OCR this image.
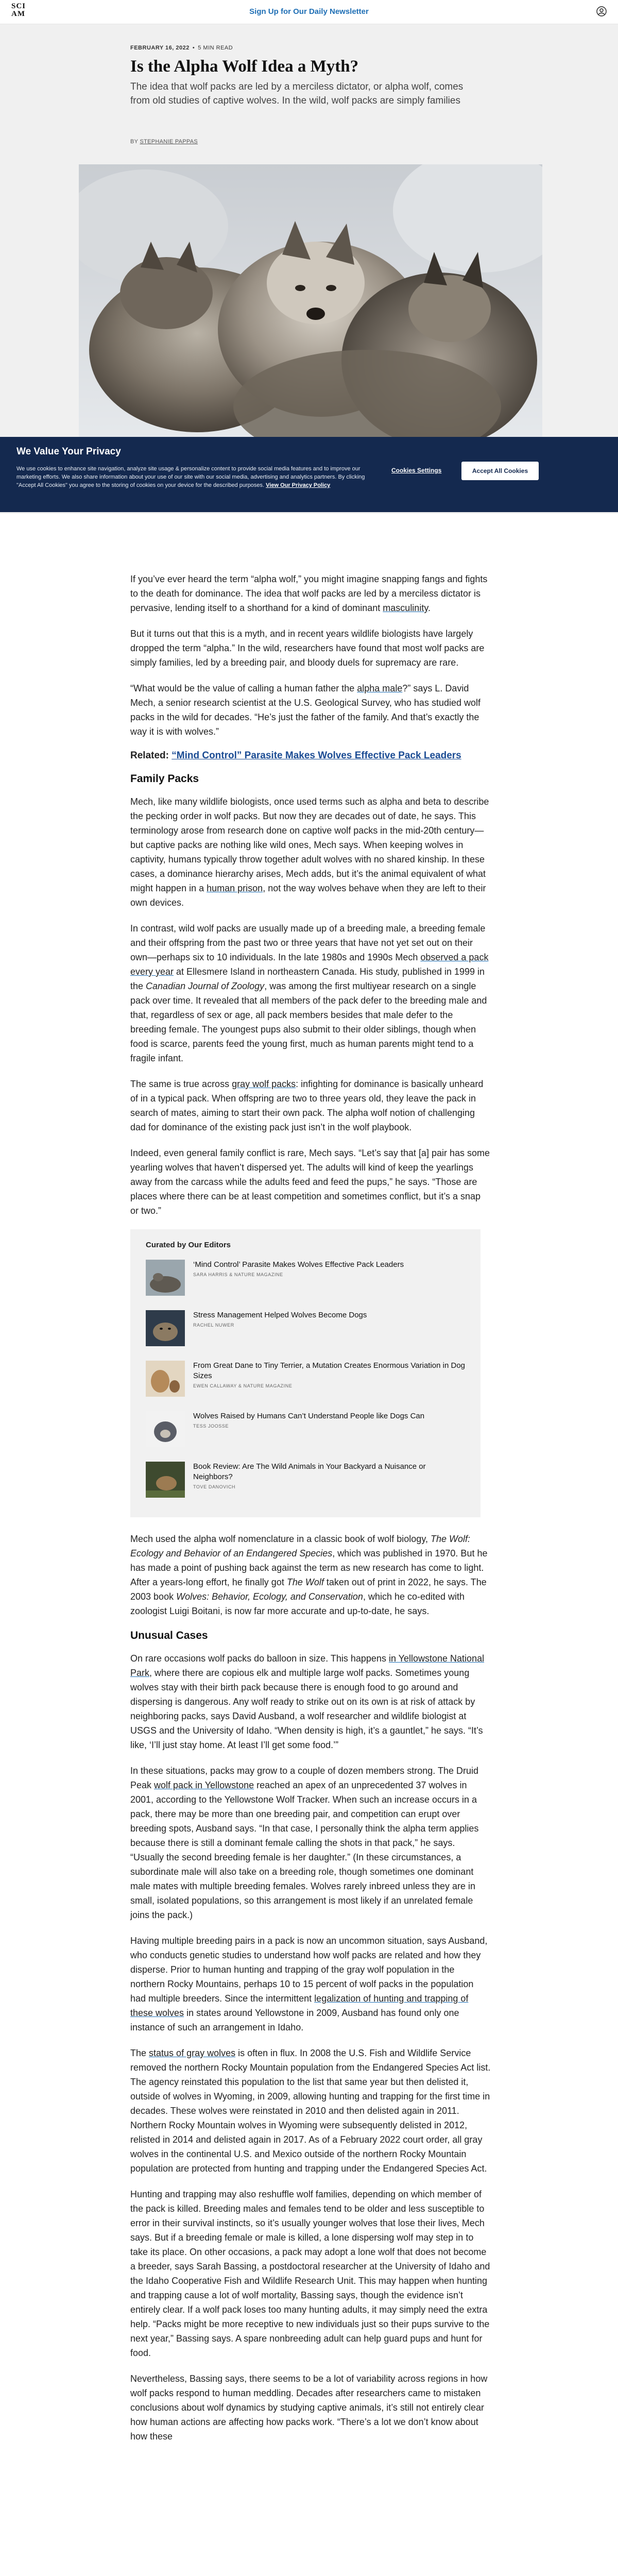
SCI
AM	Sign Up for Our Daily Newsletter
FEBRUARY 16, 2022 • 5 MIN READ
Is the Alpha Wolf Idea a Myth?

The idea that wolf packs are led by a merciless dictator, or alpha wolf, comes from old studies of captive wolves. In the wild, wolf packs are simply families

BY STEPHANIE PAPPAS
We Value Your Privacy

We use cookies to enhance site navigation, analyze site usage & personalize content to provide social media features and to improve our marketing efforts. We also share information about your use of our site with our social media, advertising and analytics partners. By clicking "Accept All Cookies" you agree to the storing of cookies on your device for the described purposes. View Our Privacy Policy

Cookies Settings	Accept All Cookies

If you’ve ever heard the term “alpha wolf,” you might imagine snapping fangs and fights to the death for dominance. The idea that wolf packs are led by a merciless dictator is pervasive, lending itself to a shorthand for a kind of dominant masculinity.

But it turns out that this is a myth, and in recent years wildlife biologists have largely dropped the term “alpha.” In the wild, researchers have found that most wolf packs are simply families, led by a breeding pair, and bloody duels for supremacy are rare.

“What would be the value of calling a human father the alpha male?” says L. David Mech, a senior research scientist at the U.S. Geological Survey, who has studied wolf packs in the wild for decades. “He’s just the father of the family. And that’s exactly the way it is with wolves.”

Related: “Mind Control” Parasite Makes Wolves Effective Pack Leaders
Family Packs

Mech, like many wildlife biologists, once used terms such as alpha and beta to describe the pecking order in wolf packs. But now they are decades out of date, he says. This terminology arose from research done on captive wolf packs in the mid-20th century—but captive packs are nothing like wild ones, Mech says. When keeping wolves in captivity, humans typically throw together adult wolves with no shared kinship. In these cases, a dominance hierarchy arises, Mech adds, but it’s the animal equivalent of what might happen in a human prison, not the way wolves behave when they are left to their own devices.

In contrast, wild wolf packs are usually made up of a breeding male, a breeding female and their offspring from the past two or three years that have not yet set out on their own—perhaps six to 10 individuals. In the late 1980s and 1990s Mech observed a pack every year at Ellesmere Island in northeastern Canada. His study, published in 1999 in the Canadian Journal of Zoology, was among the first multiyear research on a single pack over time. It revealed that all members of the pack defer to the breeding male and that, regardless of sex or age, all pack members besides that male defer to the breeding female. The youngest pups also submit to their older siblings, though when food is scarce, parents feed the young first, much as human parents might tend to a fragile infant.

The same is true across gray wolf packs: infighting for dominance is basically unheard of in a typical pack. When offspring are two to three years old, they leave the pack in search of mates, aiming to start their own pack. The alpha wolf notion of challenging dad for dominance of the existing pack just isn’t in the wolf playbook.

Indeed, even general family conflict is rare, Mech says. “Let’s say that [a] pair has some yearling wolves that haven’t dispersed yet. The adults will kind of keep the yearlings away from the carcass while the adults feed and feed the pups,” he says. “Those are places where there can be at least competition and sometimes conflict, but it’s a snap or two.”

Curated by Our Editors
‘Mind Control’ Parasite Makes Wolves Effective Pack Leaders
SARA HARRIS & NATURE MAGAZINE
Stress Management Helped Wolves Become Dogs
RACHEL NUWER
From Great Dane to Tiny Terrier, a Mutation Creates Enormous Variation in Dog Sizes
EWEN CALLAWAY & NATURE MAGAZINE
Wolves Raised by Humans Can’t Understand People like Dogs Can
TESS JOOSSE
Book Review: Are The Wild Animals in Your Backyard a Nuisance or Neighbors?
TOVE DANOVICH

Mech used the alpha wolf nomenclature in a classic book of wolf biology, The Wolf: Ecology and Behavior of an Endangered Species, which was published in 1970. But he has made a point of pushing back against the term as new research has come to light. After a years-long effort, he finally got The Wolf taken out of print in 2022, he says. The 2003 book Wolves: Behavior, Ecology, and Conservation, which he co-edited with zoologist Luigi Boitani, is now far more accurate and up-to-date, he says.

Unusual Cases

On rare occasions wolf packs do balloon in size. This happens in Yellowstone National Park, where there are copious elk and multiple large wolf packs. Sometimes young wolves stay with their birth pack because there is enough food to go around and dispersing is dangerous. Any wolf ready to strike out on its own is at risk of attack by neighboring packs, says David Ausband, a wolf researcher and wildlife biologist at USGS and the University of Idaho. “When density is high, it’s a gauntlet,” he says. “It’s like, ‘I’ll just stay home. At least I’ll get some food.’”

In these situations, packs may grow to a couple of dozen members strong. The Druid Peak wolf pack in Yellowstone reached an apex of an unprecedented 37 wolves in 2001, according to the Yellowstone Wolf Tracker. When such an increase occurs in a pack, there may be more than one breeding pair, and competition can erupt over breeding spots, Ausband says. “In that case, I personally think the alpha term applies because there is still a dominant female calling the shots in that pack,” he says. “Usually the second breeding female is her daughter.” (In these circumstances, a subordinate male will also take on a breeding role, though sometimes one dominant male mates with multiple breeding females. Wolves rarely inbreed unless they are in small, isolated populations, so this arrangement is most likely if an unrelated female joins the pack.)

Having multiple breeding pairs in a pack is now an uncommon situation, says Ausband, who conducts genetic studies to understand how wolf packs are related and how they disperse. Prior to human hunting and trapping of the gray wolf population in the northern Rocky Mountains, perhaps 10 to 15 percent of wolf packs in the population had multiple breeders. Since the intermittent legalization of hunting and trapping of these wolves in states around Yellowstone in 2009, Ausband has found only one instance of such an arrangement in Idaho.

The status of gray wolves is often in flux. In 2008 the U.S. Fish and Wildlife Service removed the northern Rocky Mountain population from the Endangered Species Act list. The agency reinstated this population to the list that same year but then delisted it, outside of wolves in Wyoming, in 2009, allowing hunting and trapping for the first time in decades. These wolves were reinstated in 2010 and then delisted again in 2011. Northern Rocky Mountain wolves in Wyoming were subsequently delisted in 2012, relisted in 2014 and delisted again in 2017. As of a February 2022 court order, all gray wolves in the continental U.S. and Mexico outside of the northern Rocky Mountain population are protected from hunting and trapping under the Endangered Species Act.

Hunting and trapping may also reshuffle wolf families, depending on which member of the pack is killed. Breeding males and females tend to be older and less susceptible to error in their survival instincts, so it’s usually younger wolves that lose their lives, Mech says. But if a breeding female or male is killed, a lone dispersing wolf may step in to take its place. On other occasions, a pack may adopt a lone wolf that does not become a breeder, says Sarah Bassing, a postdoctoral researcher at the University of Idaho and the Idaho Cooperative Fish and Wildlife Research Unit. This may happen when hunting and trapping cause a lot of wolf mortality, Bassing says, though the evidence isn’t entirely clear. If a wolf pack loses too many hunting adults, it may simply need the extra help. “Packs might be more receptive to new individuals just so their pups survive to the next year,” Bassing says. A spare nonbreeding adult can help guard pups and hunt for food.

Nevertheless, Bassing says, there seems to be a lot of variability across regions in how wolf packs respond to human meddling. Decades after researchers came to mistaken conclusions about wolf dynamics by studying captive animals, it’s still not entirely clear how human actions are affecting how packs work. “There’s a lot we don’t know about how these
